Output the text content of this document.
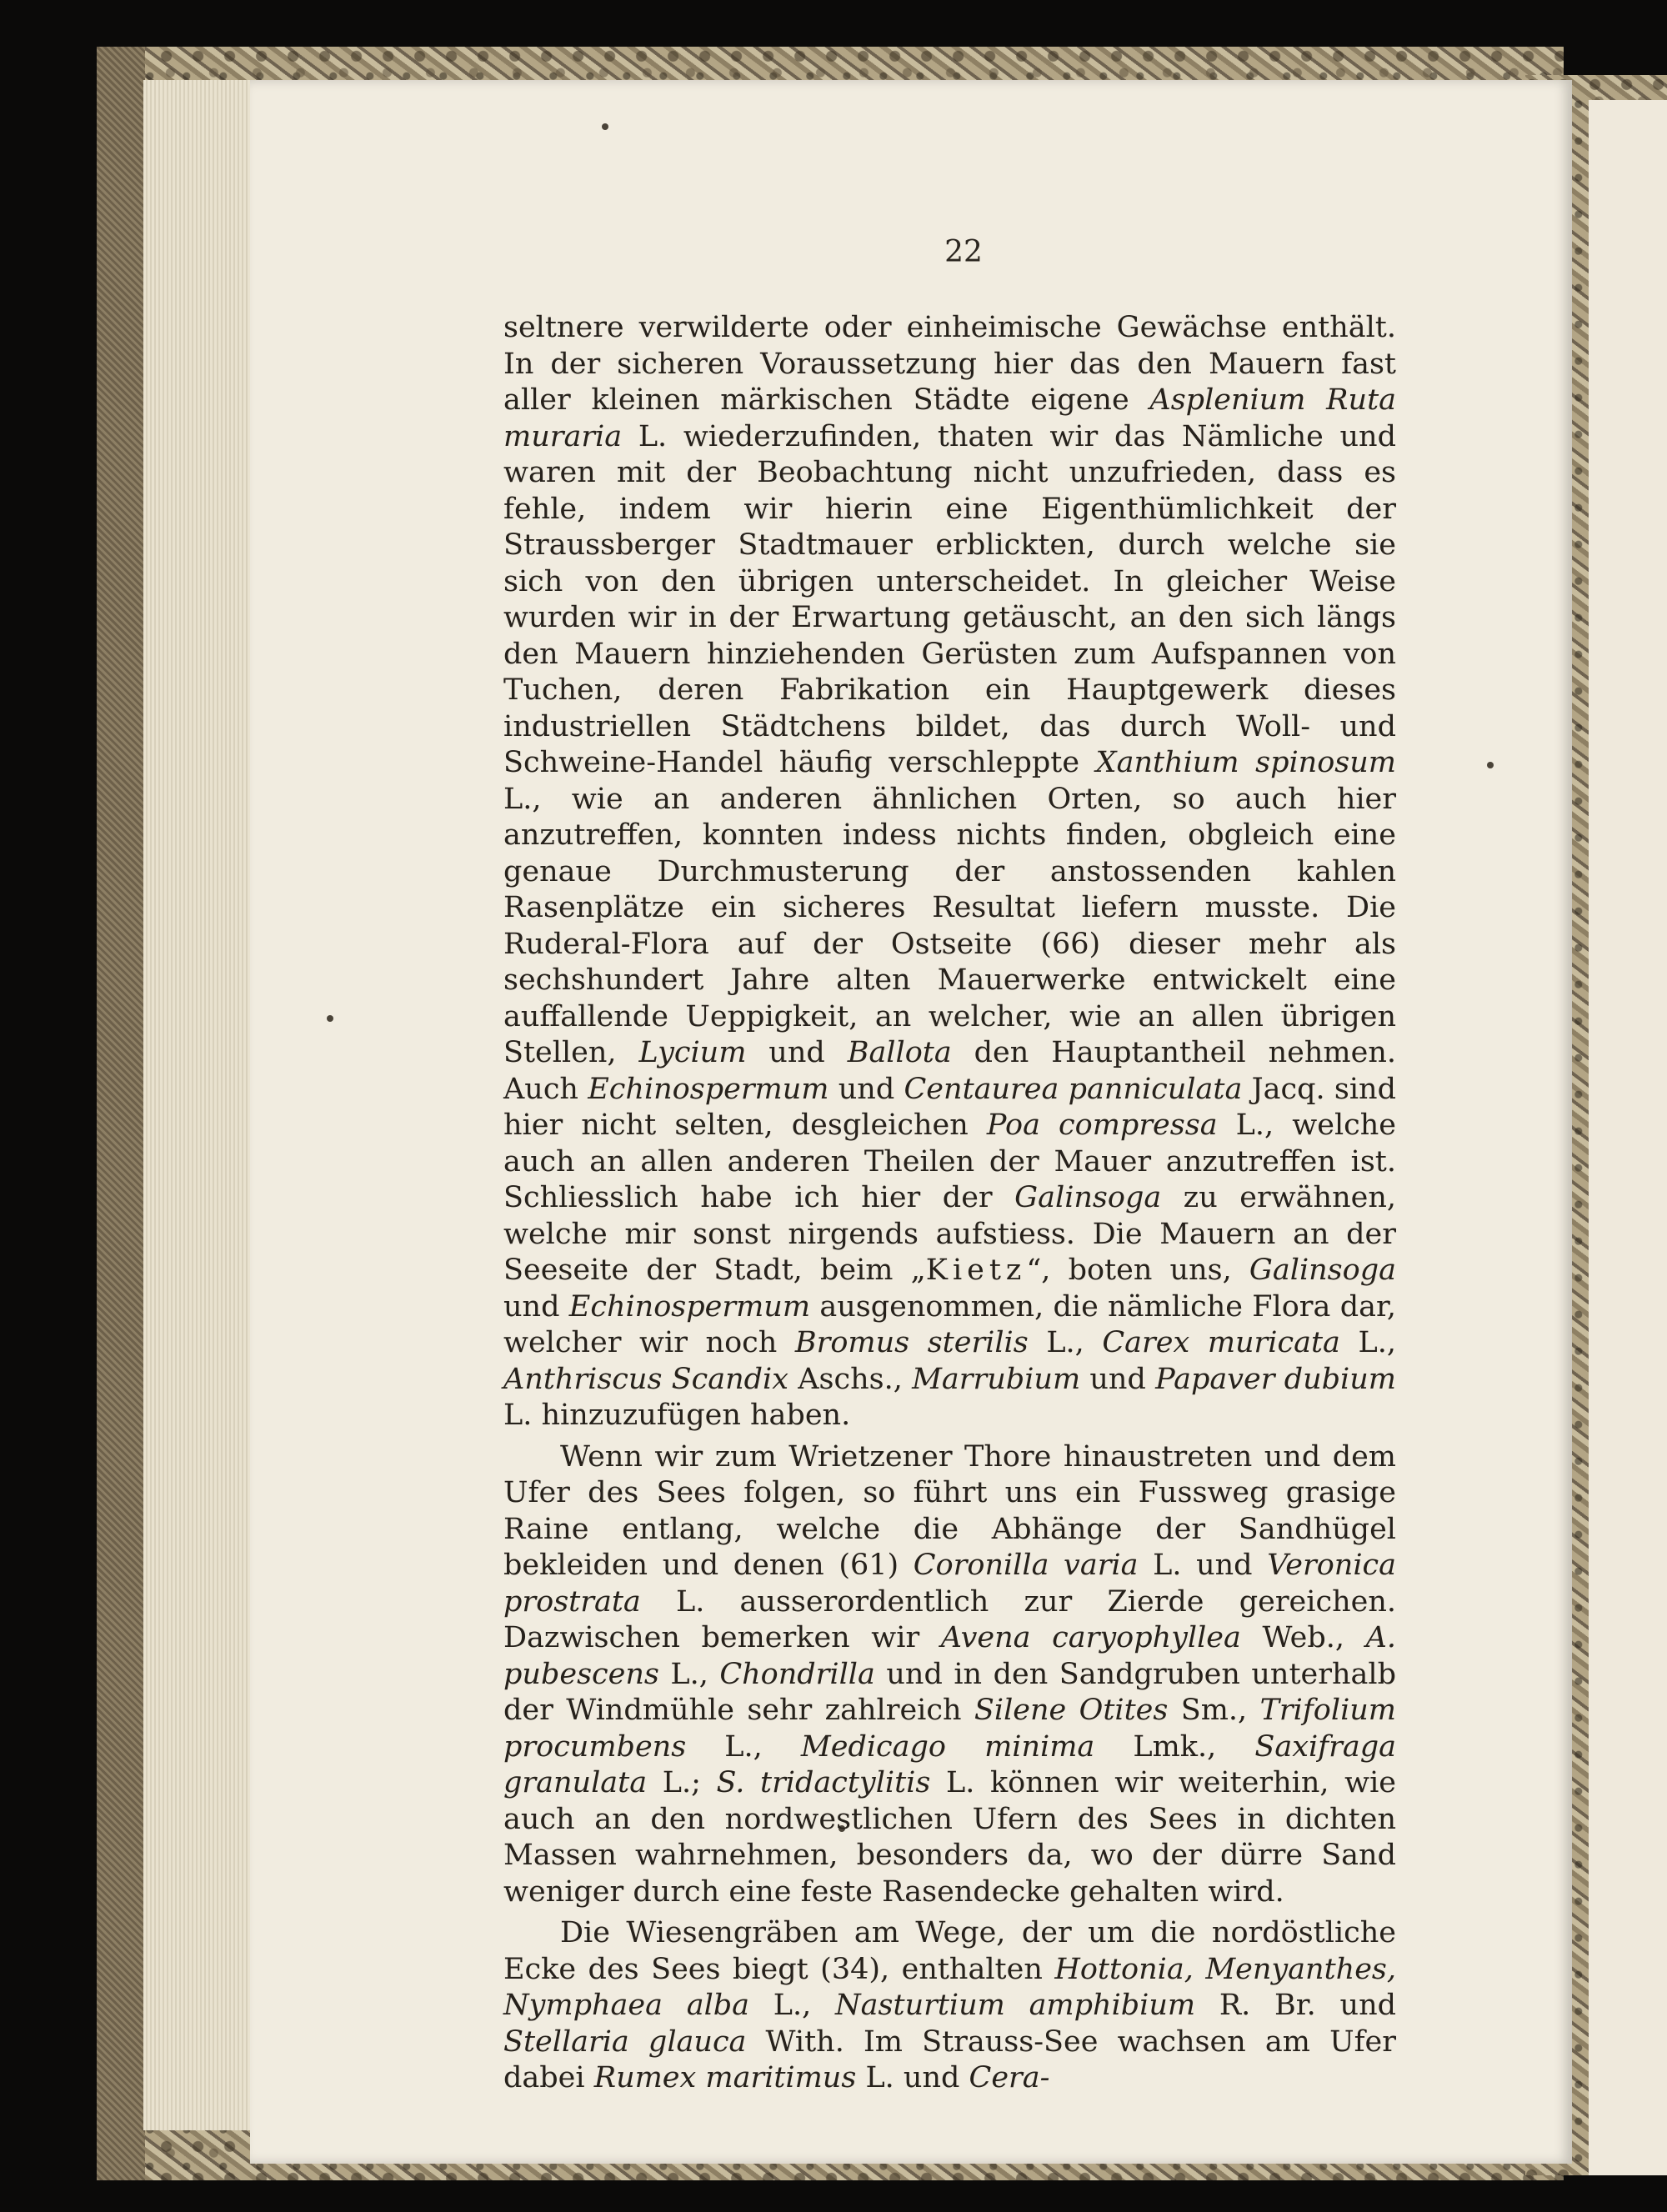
22

seltnere verwilderte oder einheimische Gewächse enthält. In der sicheren Voraussetzung hier das den Mauern fast aller kleinen märkischen Städte eigene Asplenium Ruta muraria L. wiederzufinden, thaten wir das Nämliche und waren mit der Beobachtung nicht unzufrieden, dass es fehle, indem wir hierin eine Eigenthümlichkeit der Straussberger Stadtmauer erblickten, durch welche sie sich von den übrigen unterscheidet. In gleicher Weise wurden wir in der Erwartung getäuscht, an den sich längs den Mauern hinziehenden Gerüsten zum Aufspannen von Tuchen, deren Fabrikation ein Hauptgewerk dieses industriellen Städtchens bildet, das durch Woll- und Schweine-Handel häufig verschleppte Xanthium spinosum L., wie an anderen ähnlichen Orten, so auch hier anzutreffen, konnten indess nichts finden, obgleich eine genaue Durchmusterung der anstossenden kahlen Rasenplätze ein sicheres Resultat liefern musste. Die Ruderal-Flora auf der Ostseite (66) dieser mehr als sechshundert Jahre alten Mauerwerke entwickelt eine auffallende Ueppigkeit, an welcher, wie an allen übrigen Stellen, Lycium und Ballota den Hauptantheil nehmen. Auch Echinospermum und Centaurea panniculata Jacq. sind hier nicht selten, desgleichen Poa compressa L., welche auch an allen anderen Theilen der Mauer anzutreffen ist. Schliesslich habe ich hier der Galinsoga zu erwähnen, welche mir sonst nirgends aufstiess. Die Mauern an der Seeseite der Stadt, beim „Kietz“, boten uns, Galinsoga und Echinospermum ausgenommen, die nämliche Flora dar, welcher wir noch Bromus sterilis L., Carex muricata L., Anthriscus Scandix Aschs., Marrubium und Papaver dubium L. hinzuzufügen haben.

Wenn wir zum Wrietzener Thore hinaustreten und dem Ufer des Sees folgen, so führt uns ein Fussweg grasige Raine entlang, welche die Abhänge der Sandhügel bekleiden und denen (61) Coronilla varia L. und Veronica prostrata L. ausserordentlich zur Zierde gereichen. Dazwischen bemerken wir Avena caryophyllea Web., A. pubescens L., Chondrilla und in den Sandgruben unterhalb der Windmühle sehr zahlreich Silene Otites Sm., Trifolium procumbens L., Medicago minima Lmk., Saxifraga granulata L.; S. tridactylitis L. können wir weiterhin, wie auch an den nordwestlichen Ufern des Sees in dichten Massen wahrnehmen, besonders da, wo der dürre Sand weniger durch eine feste Rasendecke gehalten wird.

Die Wiesengräben am Wege, der um die nordöstliche Ecke des Sees biegt (34), enthalten Hottonia, Menyanthes, Nymphaea alba L., Nasturtium amphibium R. Br. und Stellaria glauca With. Im Strauss-See wachsen am Ufer dabei Rumex maritimus L. und Cera-
